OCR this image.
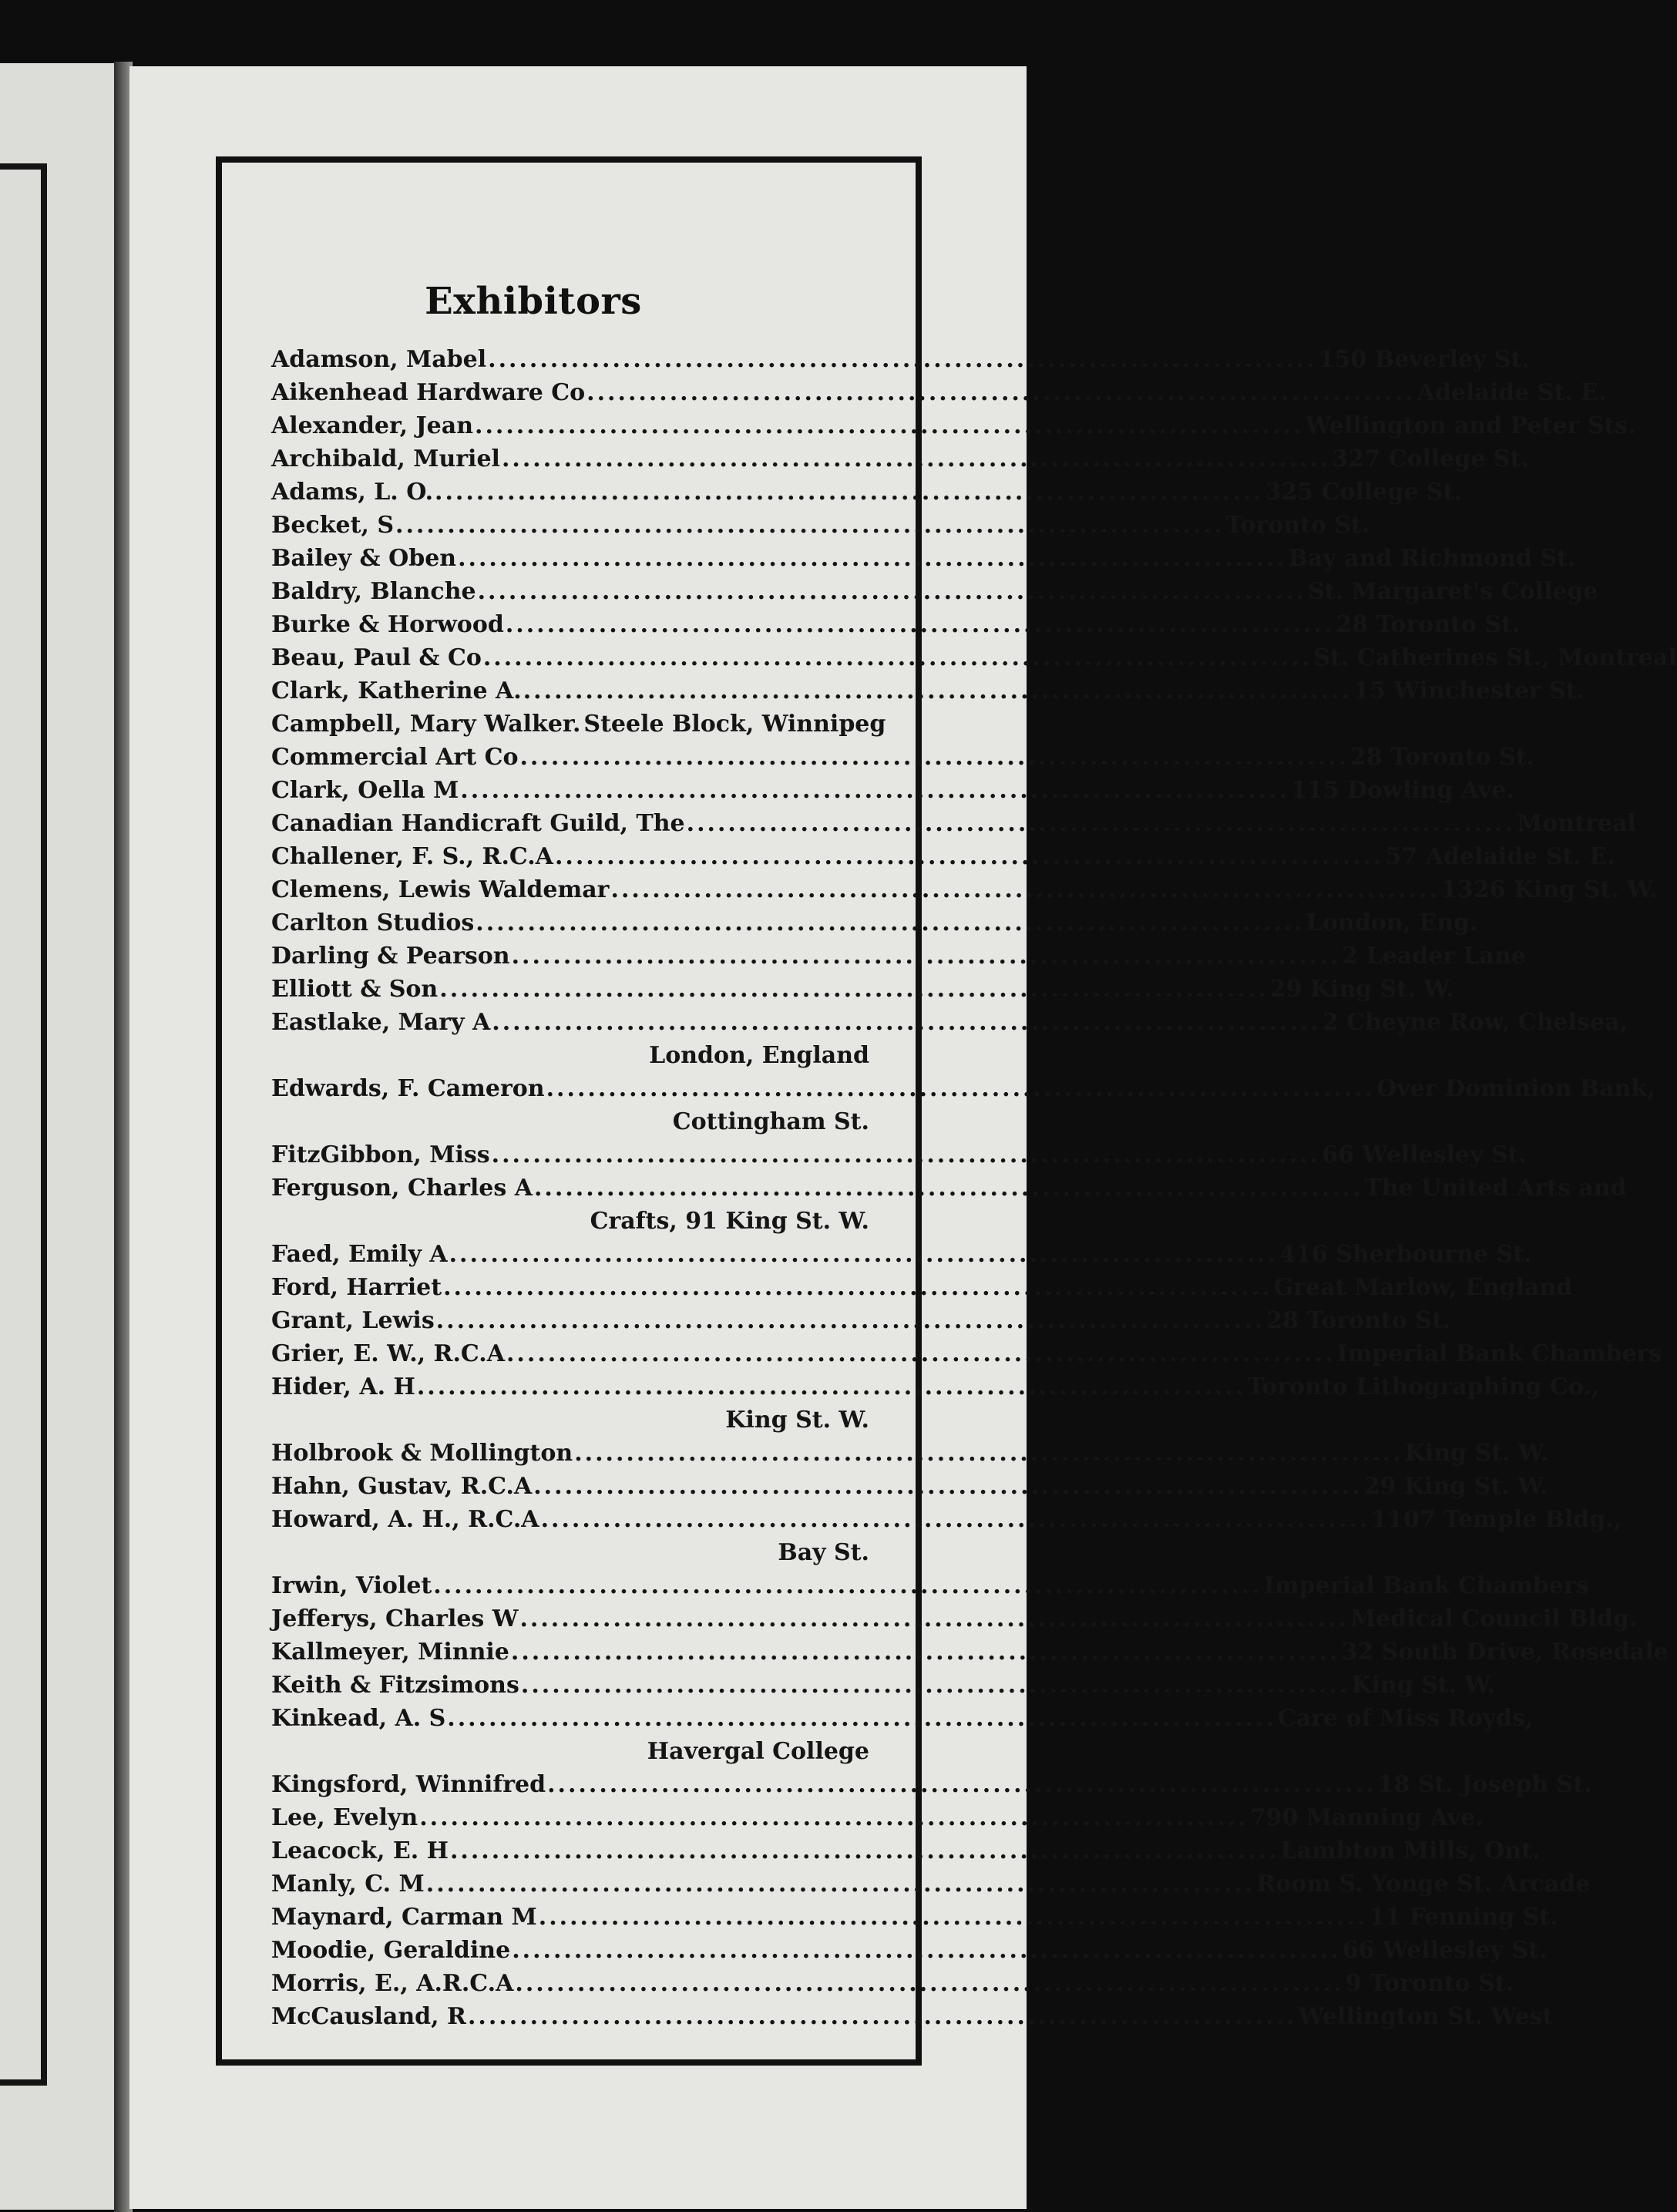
Exhibitors
Adamson, Mabel ................................................................................ 150 Beverley St.
Aikenhead Hardware Co ................................................................................ Adelaide St. E.
Alexander, Jean ................................................................................ Wellington and Peter Sts.
Archibald, Muriel ................................................................................ 327 College St.
Adams, L. O. ................................................................................ 325 College St.
Becket, S ................................................................................ Toronto St.
Bailey & Oben ................................................................................ Bay and Richmond St.
Baldry, Blanche ................................................................................ St. Margaret's College
Burke & Horwood ................................................................................ 28 Toronto St.
Beau, Paul & Co ................................................................................ St. Catherines St., Montreal
Clark, Katherine A. ................................................................................ 15 Winchester St.
Campbell, Mary Walker. Steele Block, Winnipeg
Commercial Art Co ................................................................................ 28 Toronto St.
Clark, Oella M ................................................................................ 115 Dowling Ave.
Canadian Handicraft Guild, The ................................................................................ Montreal
Challener, F. S., R.C.A ................................................................................ 57 Adelaide St. E.
Clemens, Lewis Waldemar ................................................................................ 1326 King St. W.
Carlton Studios ................................................................................ London, Eng.
Darling & Pearson ................................................................................ 2 Leader Lane
Elliott & Son ................................................................................ 29 King St. W.
Eastlake, Mary A ................................................................................ 2 Cheyne Row, Chelsea,
London, England
Edwards, F. Cameron ................................................................................ Over Dominion Bank,
Cottingham St.
FitzGibbon, Miss ................................................................................ 66 Wellesley St.
Ferguson, Charles A ................................................................................ The United Arts and
Crafts, 91 King St. W.
Faed, Emily A ................................................................................ 416 Sherbourne St.
Ford, Harriet ................................................................................ Great Marlow, England
Grant, Lewis ................................................................................ 28 Toronto St.
Grier, E. W., R.C.A ................................................................................ Imperial Bank Chambers
Hider, A. H ................................................................................ Toronto Lithographing Co.,
King St. W.
Holbrook & Mollington ................................................................................ King St. W.
Hahn, Gustav, R.C.A ................................................................................ 29 King St. W.
Howard, A. H., R.C.A ................................................................................ 1107 Temple Bldg.,
Bay St.
Irwin, Violet ................................................................................ Imperial Bank Chambers
Jefferys, Charles W ................................................................................ Medical Council Bldg.
Kallmeyer, Minnie ................................................................................ 32 South Drive, Rosedale
Keith & Fitzsimons ................................................................................ King St. W.
Kinkead, A. S ................................................................................ Care of Miss Royds,
Havergal College
Kingsford, Winnifred ................................................................................ 18 St. Joseph St.
Lee, Evelyn ................................................................................ 790 Manning Ave.
Leacock, E. H ................................................................................ Lambton Mills, Ont.
Manly, C. M ................................................................................ Room S. Yonge St. Arcade
Maynard, Carman M ................................................................................ 11 Fenning St.
Moodie, Geraldine ................................................................................ 66 Wellesley St.
Morris, E., A.R.C.A ................................................................................ 9 Toronto St.
McCausland, R ................................................................................ Wellington St. West
